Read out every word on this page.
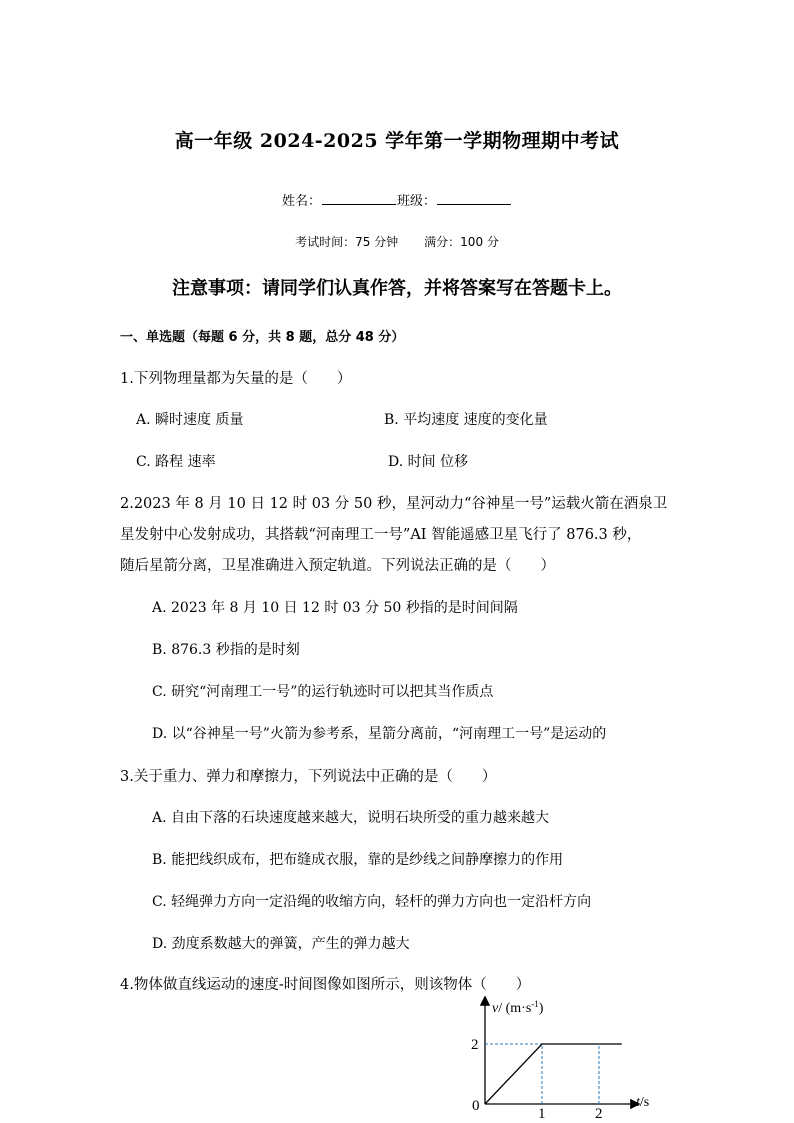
高一年级 2024-2025 学年第一学期物理期中考试
姓名：	班级：
考试时间：75 分钟 满分：100 分
注意事项：请同学们认真作答，并将答案写在答题卡上。
一、单选题（每题 6 分，共 8 题，总分 48 分）
1.下列物理量都为矢量的是（　　）
A. 瞬时速度 质量	B. 平均速度 速度的变化量
C. 路程 速率	D. 时间 位移
2.2023 年 8 月 10 日 12 时 03 分 50 秒，星河动力“谷神星一号”运载火箭在酒泉卫
星发射中心发射成功，其搭载“河南理工一号”AI 智能遥感卫星飞行了 876.3 秒，
随后星箭分离，卫星准确进入预定轨道。下列说法正确的是（　　）
A. 2023 年 8 月 10 日 12 时 03 分 50 秒指的是时间间隔
B. 876.3 秒指的是时刻
C. 研究“河南理工一号”的运行轨迹时可以把其当作质点
D. 以“谷神星一号”火箭为参考系，星箭分离前，“河南理工一号”是运动的
3.关于重力、弹力和摩擦力，下列说法中正确的是（　　）
A. 自由下落的石块速度越来越大，说明石块所受的重力越来越大
B. 能把线织成布，把布缝成衣服，靠的是纱线之间静摩擦力的作用
C. 轻绳弹力方向一定沿绳的收缩方向，轻杆的弹力方向也一定沿杆方向
D. 劲度系数越大的弹簧，产生的弹力越大
4.物体做直线运动的速度-时间图像如图所示，则该物体（　　）
1	2
2
v/ $(m\cdot s^{-1})$
t/s
0
